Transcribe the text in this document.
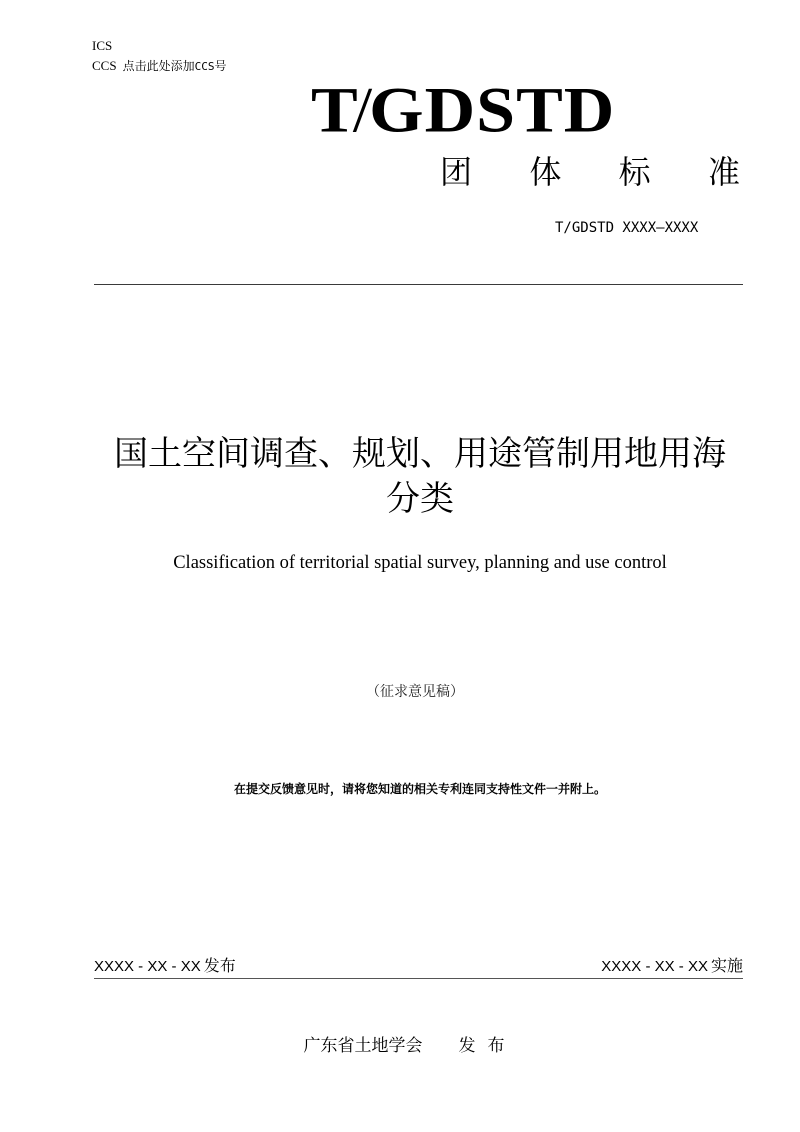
ICS
CCS 点击此处添加CCS号
T/GDSTD
团 体 标 准
T/GDSTD XXXX—XXXX
国土空间调查、规划、用途管制用地用海
分类
Classification of territorial spatial survey, planning and use control
（征求意见稿）
在提交反馈意见时，请将您知道的相关专利连同支持性文件一并附上。
XXXX - XX - XX 发布	XXXX - XX - XX 实施
广东省土地学会 发布
